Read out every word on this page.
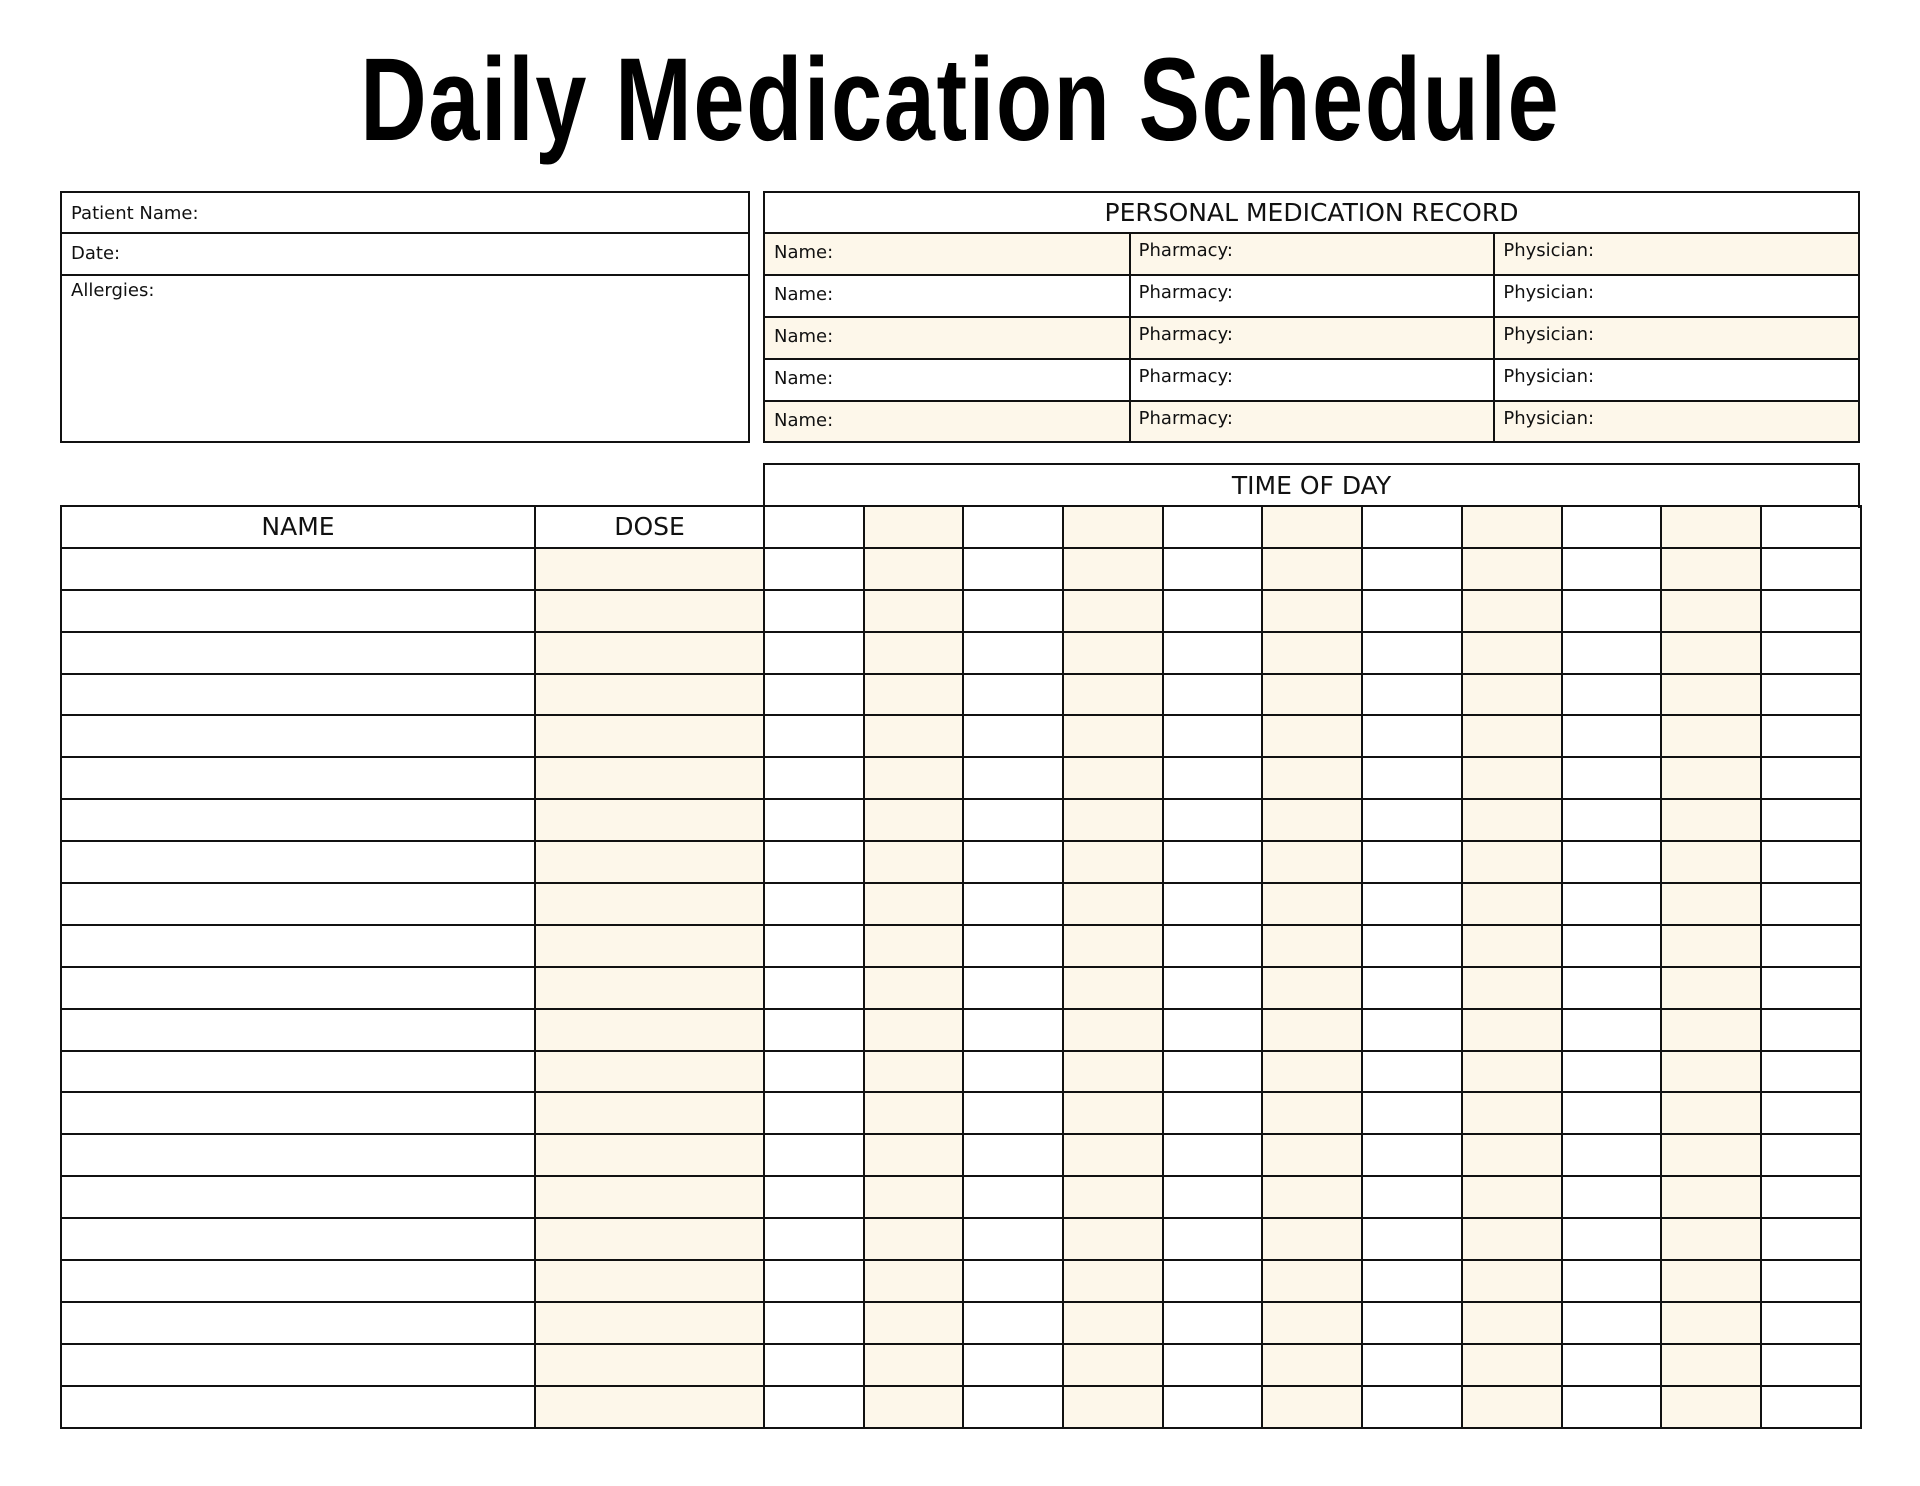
Daily Medication Schedule
Patient Name:
Date:
Allergies:
PERSONAL MEDICATION RECORD
Name:	Pharmacy:	Physician:
Name:	Pharmacy:	Physician:
Name:	Pharmacy:	Physician:
Name:	Pharmacy:	Physician:
Name:	Pharmacy:	Physician:
TIME OF DAY
NAME	DOSE											
